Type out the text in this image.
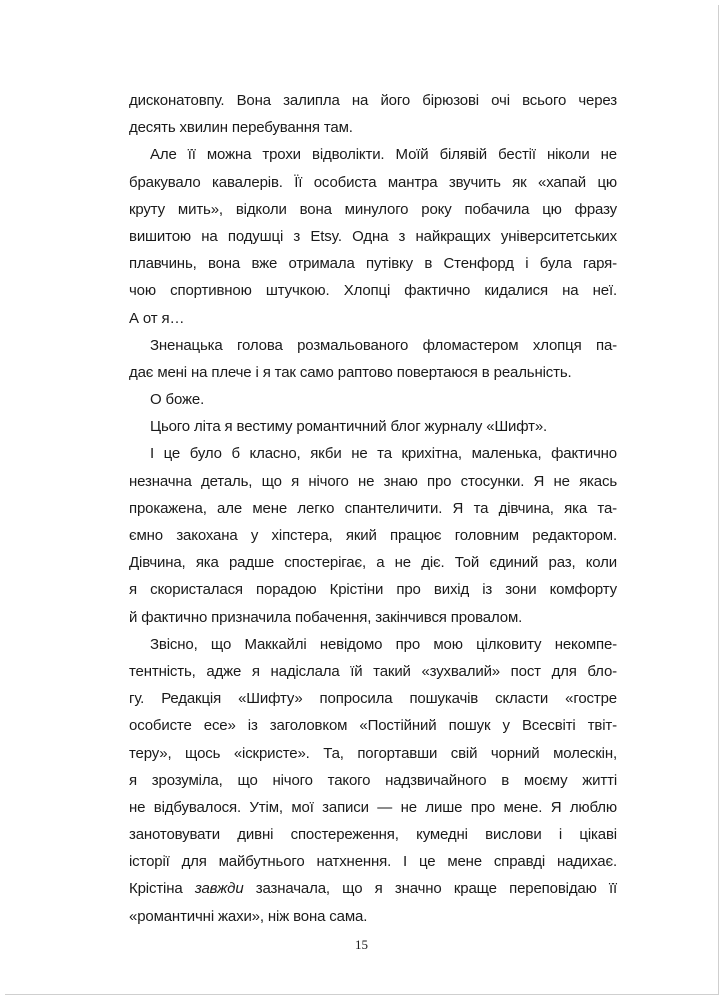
дисконатовпу. Вона залипла на його бірюзові очі всього через
десять хвилин перебування там.
Але її можна трохи відволікти. Моїй білявій бестії ніколи не
бракувало кавалерів. Її особиста мантра звучить як «хапай цю
круту мить», відколи вона минулого року побачила цю фразу
вишитою на подушці з Etsy. Одна з найкращих університетських
плавчинь, вона вже отримала путівку в Стенфорд і була гаря-
чою спортивною штучкою. Хлопці фактично кидалися на неї.
А от я…
Зненацька голова розмальованого фломастером хлопця па-
дає мені на плече і я так само раптово повертаюся в реальність.
О боже.
Цього літа я вестиму романтичний блог журналу «Шифт».
І це було б класно, якби не та крихітна, маленька, фактично
незначна деталь, що я нічого не знаю про стосунки. Я не якась
прокажена, але мене легко спантеличити. Я та дівчина, яка та-
ємно закохана у хіпстера, який працює головним редактором.
Дівчина, яка радше спостерігає, а не діє. Той єдиний раз, коли
я скористалася порадою Крістіни про вихід із зони комфорту
й фактично призначила побачення, закінчився провалом.
Звісно, що Маккайлі невідомо про мою цілковиту некомпе-
тентність, адже я надіслала їй такий «зухвалий» пост для бло-
гу. Редакція «Шифту» попросила пошукачів скласти «гостре
особисте есе» із заголовком «Постійний пошук у Всесвіті твіт-
теру», щось «іскристе». Та, погортавши свій чорний молескін,
я зрозуміла, що нічого такого надзвичайного в моєму житті
не відбувалося. Утім, мої записи — не лише про мене. Я люблю
занотовувати дивні спостереження, кумедні вислови і цікаві
історії для майбутнього натхнення. І це мене справді надихає.
Крістіна завжди зазначала, що я значно краще переповідаю її
«романтичні жахи», ніж вона сама.
15
